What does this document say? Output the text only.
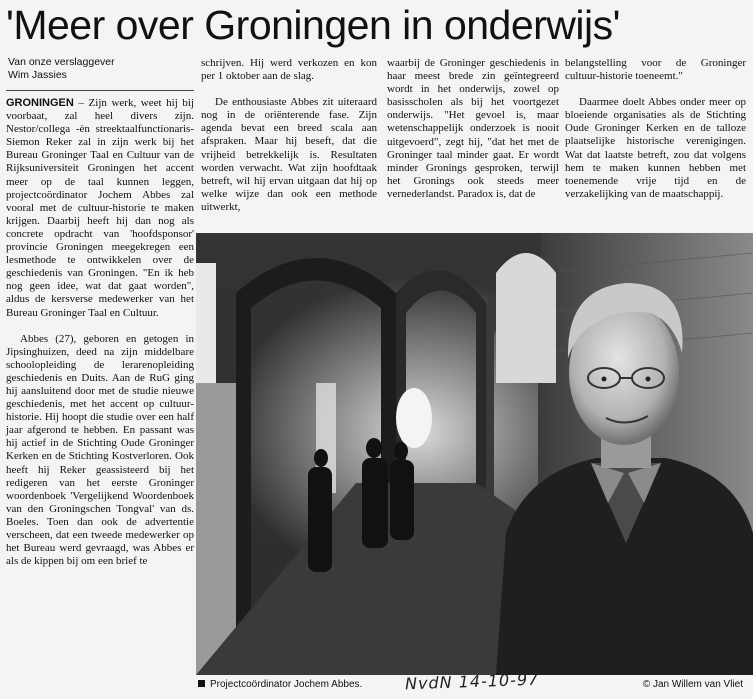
'Meer over Groningen in onderwijs'
Van onze verslaggever
Wim Jassies

GRONINGEN – Zijn werk, weet hij bij voorbaat, zal heel divers zijn. Nestor/collega -èn streektaalfunctionaris- Siemon Reker zal in zijn werk bij het Bureau Groninger Taal en Cultuur van de Rijksuniversiteit Groningen het accent meer op de taal kunnen leggen, projectcoördinator Jochem Abbes zal vooral met de cultuur-historie te maken krijgen. Daarbij heeft hij dan nog als concrete opdracht van 'hoofdsponsor' provincie Groningen meegekregen een lesmethode te ontwikkelen over de geschiedenis van Groningen. "En ik heb nog geen idee, wat dat gaat worden", aldus de kersverse medewerker van het Bureau Groninger Taal en Cultuur.

Abbes (27), geboren en getogen in Jipsinghuizen, deed na zijn middelbare schoolopleiding de lerarenopleiding geschiedenis en Duits. Aan de RuG ging hij aansluitend door met de studie nieuwe geschiedenis, met het accent op cultuur-historie. Hij hoopt die studie over een half jaar afgerond te hebben. En passant was hij actief in de Stichting Oude Groninger Kerken en de Stichting Kostverloren. Ook heeft hij Reker geassisteerd bij het redigeren van het eerste Groninger woordenboek 'Vergelijkend Woordenboek van den Groningschen Tongval' van ds. Boeles. Toen dan ook de advertentie verscheen, dat een tweede medewerker op het Bureau werd gevraagd, was Abbes er als de kippen bij om een brief te

schrijven. Hij werd verkozen en kon per 1 oktober aan de slag.

De enthousiaste Abbes zit uiteraard nog in de oriënterende fase. Zijn agenda bevat een breed scala aan afspraken. Maar hij beseft, dat die vrijheid betrekkelijk is. Resultaten worden verwacht. Wat zijn hoofdtaak betreft, wil hij ervan uitgaan dat hij op welke wijze dan ook een methode uitwerkt,

waarbij de Groninger geschiedenis in haar meest brede zin geïntegreerd wordt in het onderwijs, zowel op basisscholen als bij het voortgezet onderwijs. "Het gevoel is, maar wetenschappelijk onderzoek is nooit uitgevoerd", zegt hij, "dat het met de Groninger taal minder gaat. Er wordt minder Gronings gesproken, terwijl het Gronings ook steeds meer vernederlandst. Paradox is, dat de

belangstelling voor de Groninger cultuur-historie toeneemt."

Daarmee doelt Abbes onder meer op bloeiende organisaties als de Stichting Oude Groninger Kerken en de talloze plaatselijke historische verenigingen. Wat dat laatste betreft, zou dat volgens hem te maken kunnen hebben met toenemende vrije tijd en de verzakelijking van de maatschappij.

Projectcoördinator Jochem Abbes.	NvdN 14-10-97	© Jan Willem van Vliet
